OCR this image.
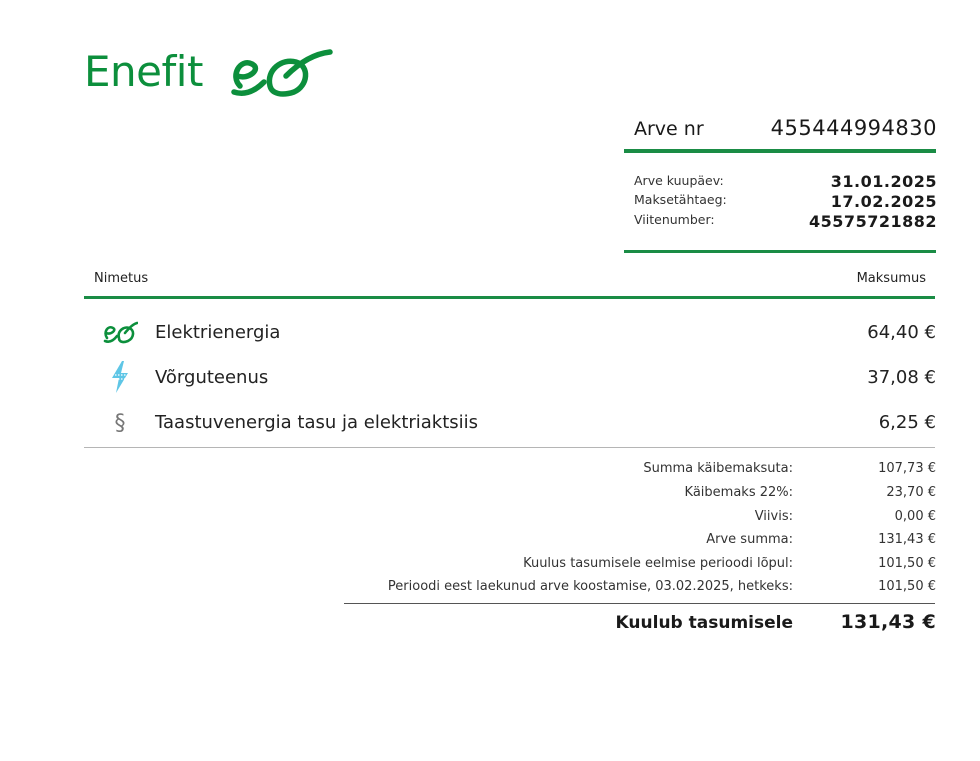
Enefit
Arve nr	455444994830
Arve kuupäev:	31.01.2025
Maksetähtaeg:	17.02.2025
Viitenumber:	45575721882
Nimetus	Maksumus
Elektrienergia	64,40 €
Võrguteenus	37,08 €
§	Taastuvenergia tasu ja elektriaktsiis	6,25 €
Summa käibemaksuta:	107,73 €
Käibemaks 22%:	23,70 €
Viivis:	0,00 €
Arve summa:	131,43 €
Kuulus tasumisele eelmise perioodi lõpul:	101,50 €
Perioodi eest laekunud arve koostamise, 03.02.2025, hetkeks:	101,50 €
Kuulub tasumisele 131,43 €
